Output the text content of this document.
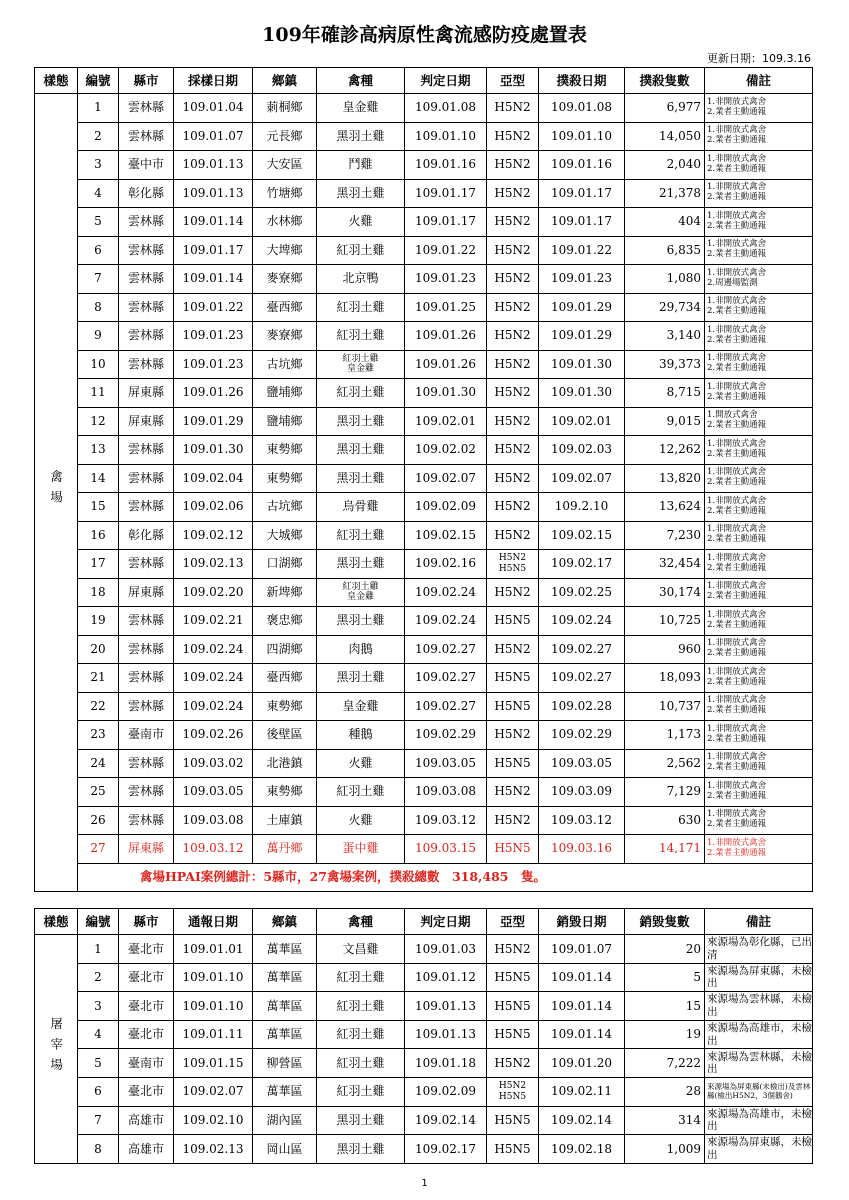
109年確診高病原性禽流感防疫處置表
更新日期：109.3.16
樣態	編號	縣市	採樣日期	鄉鎮	禽種	判定日期	亞型	撲殺日期	撲殺隻數	備註
禽場	1	雲林縣	109.01.04	莿桐鄉	皇金雞	109.01.08	H5N2	109.01.08	6,977	1.非開放式禽舍
2.業者主動通報

	2	雲林縣	109.01.07	元長鄉	黑羽土雞	109.01.10	H5N2	109.01.10	14,050	1.非開放式禽舍
2.業者主動通報

	3	臺中市	109.01.13	大安區	鬥雞	109.01.16	H5N2	109.01.16	2,040	1.非開放式禽舍
2.業者主動通報

	4	彰化縣	109.01.13	竹塘鄉	黑羽土雞	109.01.17	H5N2	109.01.17	21,378	1.非開放式禽舍
2.業者主動通報

	5	雲林縣	109.01.14	水林鄉	火雞	109.01.17	H5N2	109.01.17	404	1.非開放式禽舍
2.業者主動通報

	6	雲林縣	109.01.17	大埤鄉	紅羽土雞	109.01.22	H5N2	109.01.22	6,835	1.非開放式禽舍
2.業者主動通報

	7	雲林縣	109.01.14	麥寮鄉	北京鴨	109.01.23	H5N2	109.01.23	1,080	1.非開放式禽舍
2.周邊場監測

	8	雲林縣	109.01.22	臺西鄉	紅羽土雞	109.01.25	H5N2	109.01.29	29,734	1.非開放式禽舍
2.業者主動通報

	9	雲林縣	109.01.23	麥寮鄉	紅羽土雞	109.01.26	H5N2	109.01.29	3,140	1.非開放式禽舍
2.業者主動通報

	10	雲林縣	109.01.23	古坑鄉	紅羽土雞
皇金雞	109.01.26	H5N2	109.01.30	39,373	1.非開放式禽舍
2.業者主動通報

	11	屏東縣	109.01.26	鹽埔鄉	紅羽土雞	109.01.30	H5N2	109.01.30	8,715	1.非開放式禽舍
2.業者主動通報

	12	屏東縣	109.01.29	鹽埔鄉	黑羽土雞	109.02.01	H5N2	109.02.01	9,015	1.開放式禽舍
2.業者主動通報

	13	雲林縣	109.01.30	東勢鄉	黑羽土雞	109.02.02	H5N2	109.02.03	12,262	1.非開放式禽舍
2.業者主動通報

	14	雲林縣	109.02.04	東勢鄉	黑羽土雞	109.02.07	H5N2	109.02.07	13,820	1.非開放式禽舍
2.業者主動通報

	15	雲林縣	109.02.06	古坑鄉	烏骨雞	109.02.09	H5N2	109.2.10	13,624	1.非開放式禽舍
2.業者主動通報

	16	彰化縣	109.02.12	大城鄉	紅羽土雞	109.02.15	H5N2	109.02.15	7,230	1.非開放式禽舍
2.業者主動通報

	17	雲林縣	109.02.13	口湖鄉	黑羽土雞	109.02.16	H5N2
H5N5	109.02.17	32,454	1.非開放式禽舍
2.業者主動通報

	18	屏東縣	109.02.20	新埤鄉	紅羽土雞
皇金雞	109.02.24	H5N2	109.02.25	30,174	1.非開放式禽舍
2.業者主動通報

	19	雲林縣	109.02.21	褒忠鄉	黑羽土雞	109.02.24	H5N5	109.02.24	10,725	1.非開放式禽舍
2.業者主動通報

	20	雲林縣	109.02.24	四湖鄉	肉鵝	109.02.27	H5N2	109.02.27	960	1.非開放式禽舍
2.業者主動通報

	21	雲林縣	109.02.24	臺西鄉	黑羽土雞	109.02.27	H5N5	109.02.27	18,093	1.非開放式禽舍
2.業者主動通報

	22	雲林縣	109.02.24	東勢鄉	皇金雞	109.02.27	H5N5	109.02.28	10,737	1.非開放式禽舍
2.業者主動通報

	23	臺南市	109.02.26	後壁區	種鵝	109.02.29	H5N2	109.02.29	1,173	1.非開放式禽舍
2.業者主動通報

	24	雲林縣	109.03.02	北港鎮	火雞	109.03.05	H5N5	109.03.05	2,562	1.非開放式禽舍
2.業者主動通報

	25	雲林縣	109.03.05	東勢鄉	紅羽土雞	109.03.08	H5N2	109.03.09	7,129	1.非開放式禽舍
2.業者主動通報

	26	雲林縣	109.03.08	土庫鎮	火雞	109.03.12	H5N2	109.03.12	630	1.非開放式禽舍
2.業者主動通報

	27	屏東縣	109.03.12	萬丹鄉	蛋中雞	109.03.15	H5N5	109.03.16	14,171	1.非開放式禽舍
2.業者主動通報

	禽場HPAI案例總計：5縣市，27禽場案例，撲殺總數　318,485　隻。									
樣態	編號	縣市	通報日期	鄉鎮	禽種	判定日期	亞型	銷毀日期	銷毀隻數	備註
屠宰場	1	臺北市	109.01.01	萬華區	文昌雞	109.01.03	H5N2	109.01.07	20	來源場為彰化縣，已出清
	2	臺北市	109.01.10	萬華區	紅羽土雞	109.01.12	H5N5	109.01.14	5	來源場為屏東縣，未檢出
	3	臺北市	109.01.10	萬華區	紅羽土雞	109.01.13	H5N5	109.01.14	15	來源場為雲林縣，未檢出
	4	臺北市	109.01.11	萬華區	紅羽土雞	109.01.13	H5N5	109.01.14	19	來源場為高雄市，未檢出
	5	臺南市	109.01.15	柳營區	紅羽土雞	109.01.18	H5N2	109.01.20	7,222	來源場為雲林縣，未檢出
	6	臺北市	109.02.07	萬華區	紅羽土雞	109.02.09	H5N2
H5N5	109.02.11	28	來源場為屏東縣(未檢出)及雲林縣(檢出H5N2，3個鵝舍)
	7	高雄市	109.02.10	湖內區	黑羽土雞	109.02.14	H5N5	109.02.14	314	來源場為高雄市，未檢出
	8	高雄市	109.02.13	岡山區	黑羽土雞	109.02.17	H5N5	109.02.18	1,009	來源場為屏東縣，未檢出
1
